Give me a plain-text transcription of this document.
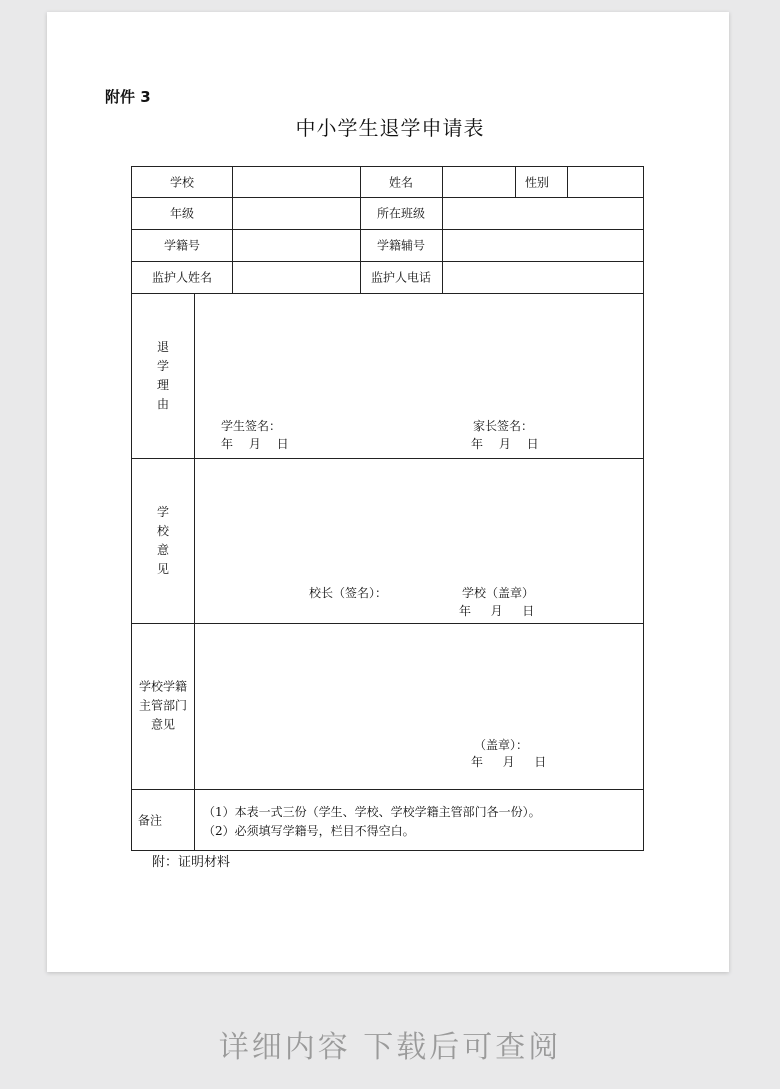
附件 3
中小学生退学申请表
学校	姓名	性别
年级	所在班级
学籍号	学籍辅号
监护人姓名	监护人电话
退学理由
学生签名：
年 　月 　日
家长签名：
年 　月 　日
学校意见
校长（签名）：	学校（盖章）
年 　 月 　 日
学校学籍
主管部门
意见
（盖章）：
年 　 月 　 日
备注
（1）本表一式三份（学生、学校、学校学籍主管部门各一份）。
（2）必须填写学籍号，栏目不得空白。
附：证明材料
详细内容 下载后可查阅
